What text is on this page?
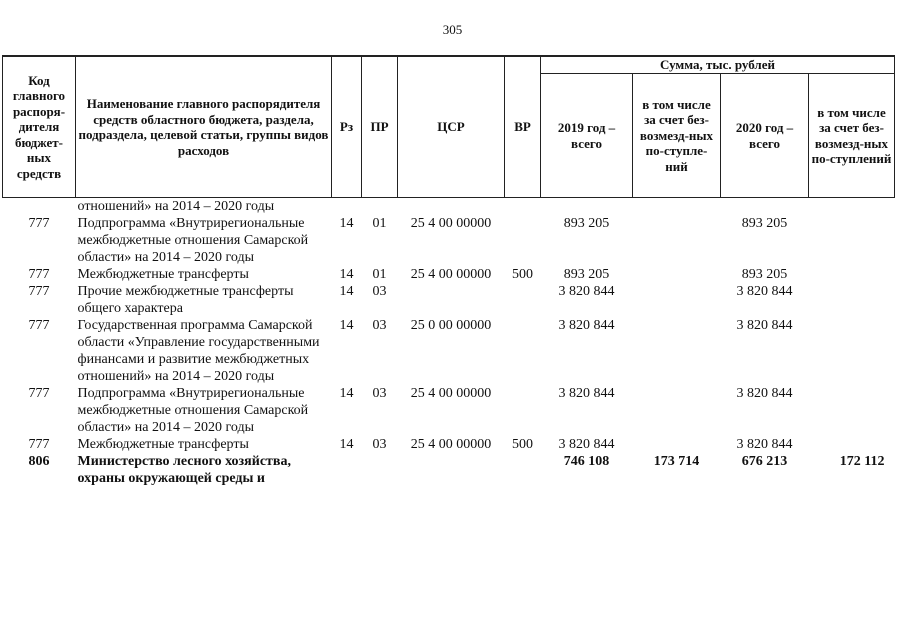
305
Код главного распоря-дителя бюджет-ных средств	Наименование главного распорядителя средств областного бюджета, раздела, подраздела, целевой статьи, группы видов расходов	Рз	ПР	ЦСР	ВР	Сумма, тыс. рублей			
						2019 год – всего	в том числе за счет без-возмезд-ных по-ступле-ний	2020 год – всего	в том числе за счет без-возмезд-ных по-ступлений
	отношений» на 2014 – 2020 годы								
777	Подпрограмма «Внутрирегиональные межбюджетные отношения Самарской области» на 2014 – 2020 годы	14	01	25 4 00 00000		893 205		893 205	
777	Межбюджетные трансферты	14	01	25 4 00 00000	500	893 205		893 205	
777	Прочие межбюджетные трансферты общего характера	14	03			3 820 844		3 820 844	
777	Государственная программа Самарской области «Управление государственными финансами и развитие межбюджетных отношений» на 2014 – 2020 годы	14	03	25 0 00 00000		3 820 844		3 820 844	
777	Подпрограмма «Внутрирегиональные межбюджетные отношения Самарской области» на 2014 – 2020 годы	14	03	25 4 00 00000		3 820 844		3 820 844	
777	Межбюджетные трансферты	14	03	25 4 00 00000	500	3 820 844		3 820 844	
806	Министерство лесного хозяйства, охраны окружающей среды и					746 108	173 714	676 213	172 112
